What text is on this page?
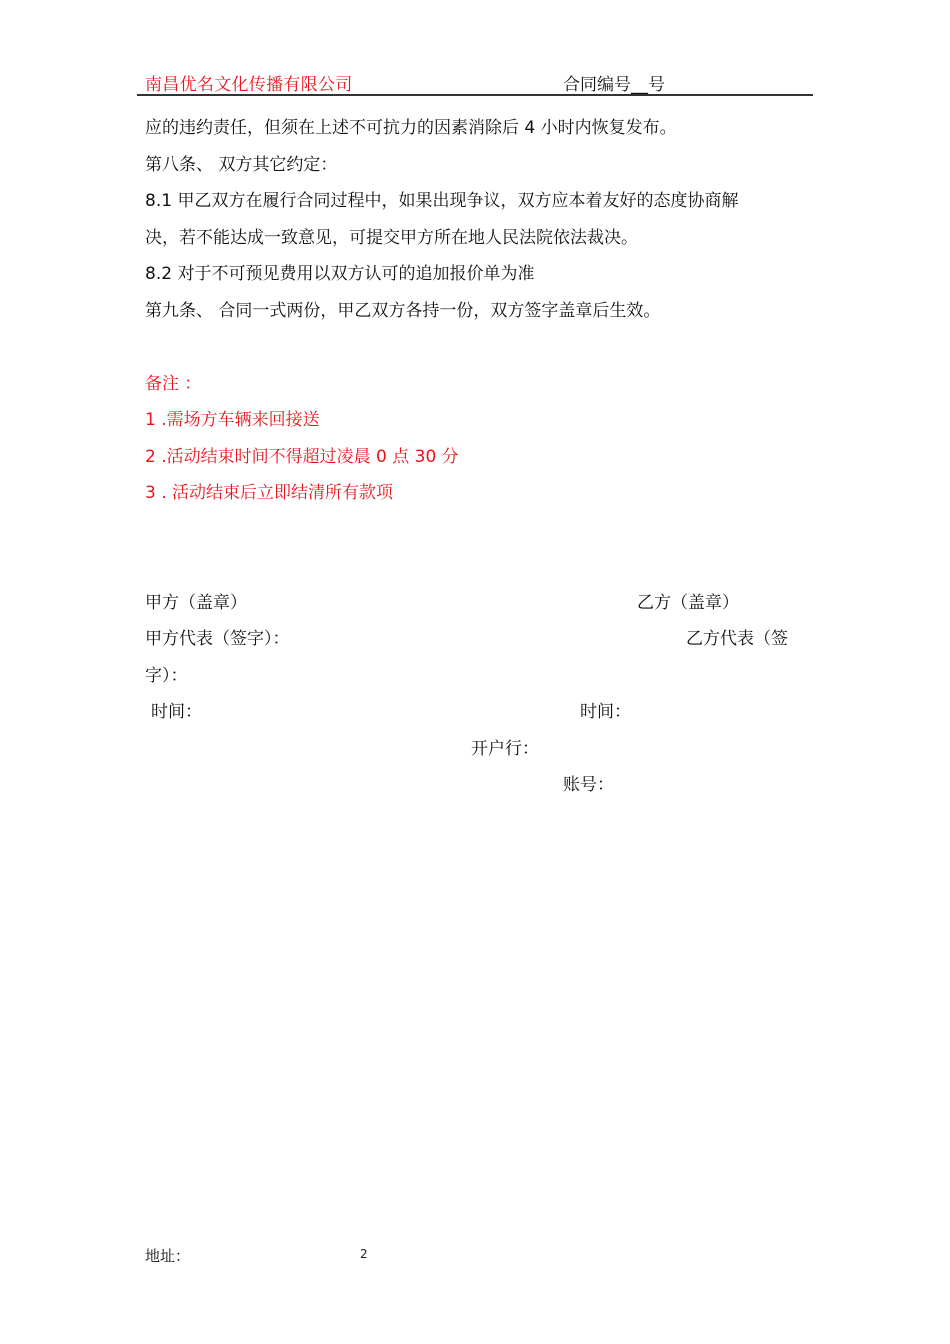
南昌优名文化传播有限公司	合同编号__号
应的违约责任，但须在上述不可抗力的因素消除后 4 小时内恢复发布。
第八条、 双方其它约定：
8.1 甲乙双方在履行合同过程中，如果出现争议，双方应本着友好的态度协商解
决，若不能达成一致意见，可提交甲方所在地人民法院依法裁决。
8.2 对于不可预见费用以双方认可的追加报价单为准
第九条、 合同一式两份，甲乙双方各持一份，双方签字盖章后生效。
备注 ：
1 .需场方车辆来回接送
2 .活动结束时间不得超过凌晨 0 点 30 分
3 . 活动结束后立即结清所有款项
甲方（盖章）	乙方（盖章）
甲方代表（签字）：	乙方代表（签
字）：
时间：	时间：
开户行：
账号：
地址：	2
